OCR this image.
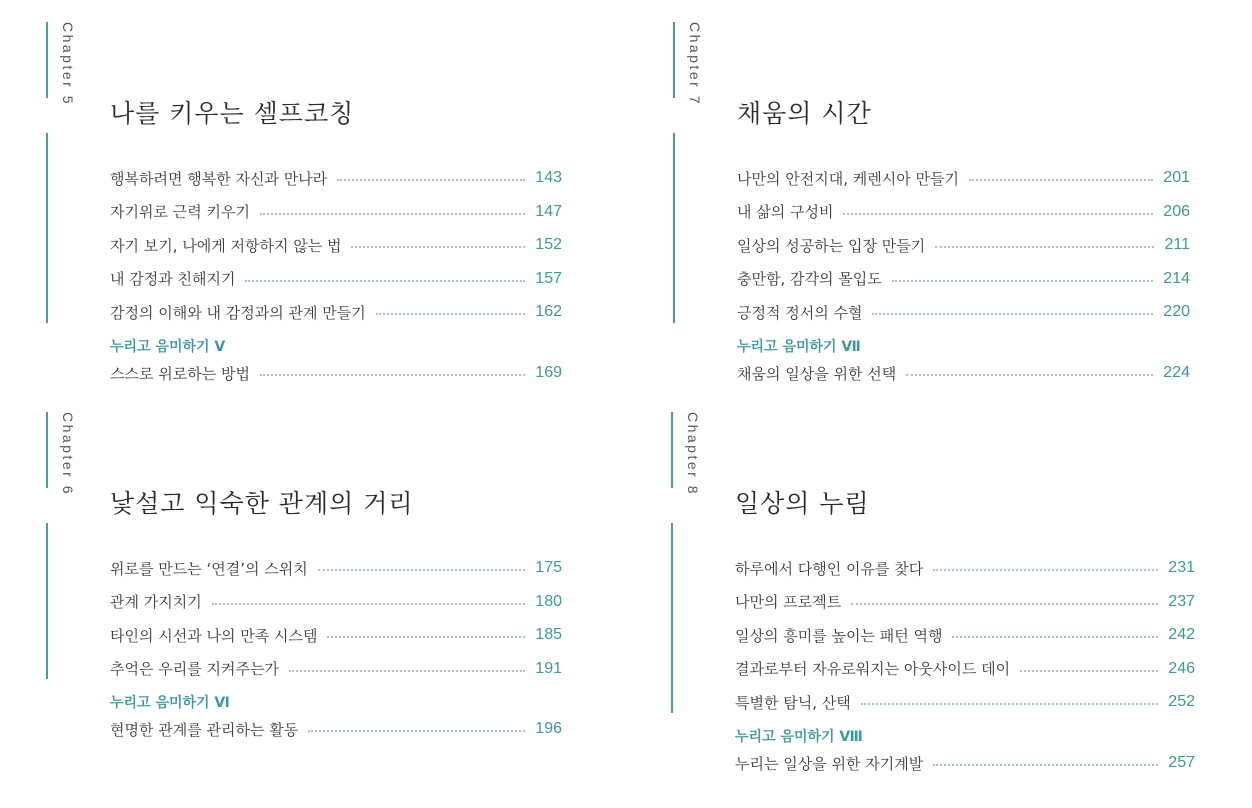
Chapter 5
나를 키우는 셀프코칭
행복하려면 행복한 자신과 만나라	143
자기위로 근력 키우기	147
자기 보기, 나에게 저항하지 않는 법	152
내 감정과 친해지기	157
감정의 이해와 내 감정과의 관계 만들기	162
누리고 음미하기 V
스스로 위로하는 방법	169
Chapter 7
채움의 시간
나만의 안전지대, 케렌시아 만들기	201
내 삶의 구성비	206
일상의 성공하는 입장 만들기	211
충만함, 감각의 몰입도	214
긍정적 정서의 수혈	220
누리고 음미하기 Ⅶ
채움의 일상을 위한 선택	224
Chapter 6
낯설고 익숙한 관계의 거리
위로를 만드는 ‘연결’의 스위치	175
관계 가지치기	180
타인의 시선과 나의 만족 시스템	185
추억은 우리를 지켜주는가	191
누리고 음미하기 Ⅵ
현명한 관계를 관리하는 활동	196
Chapter 8
일상의 누림
하루에서 다행인 이유를 찾다	231
나만의 프로젝트	237
일상의 흥미를 높이는 패턴 역행	242
결과로부터 자유로워지는 아웃사이드 데이	246
특별한 탐닉, 산택	252
누리고 음미하기 Ⅷ
누리는 일상을 위한 자기계발	257
